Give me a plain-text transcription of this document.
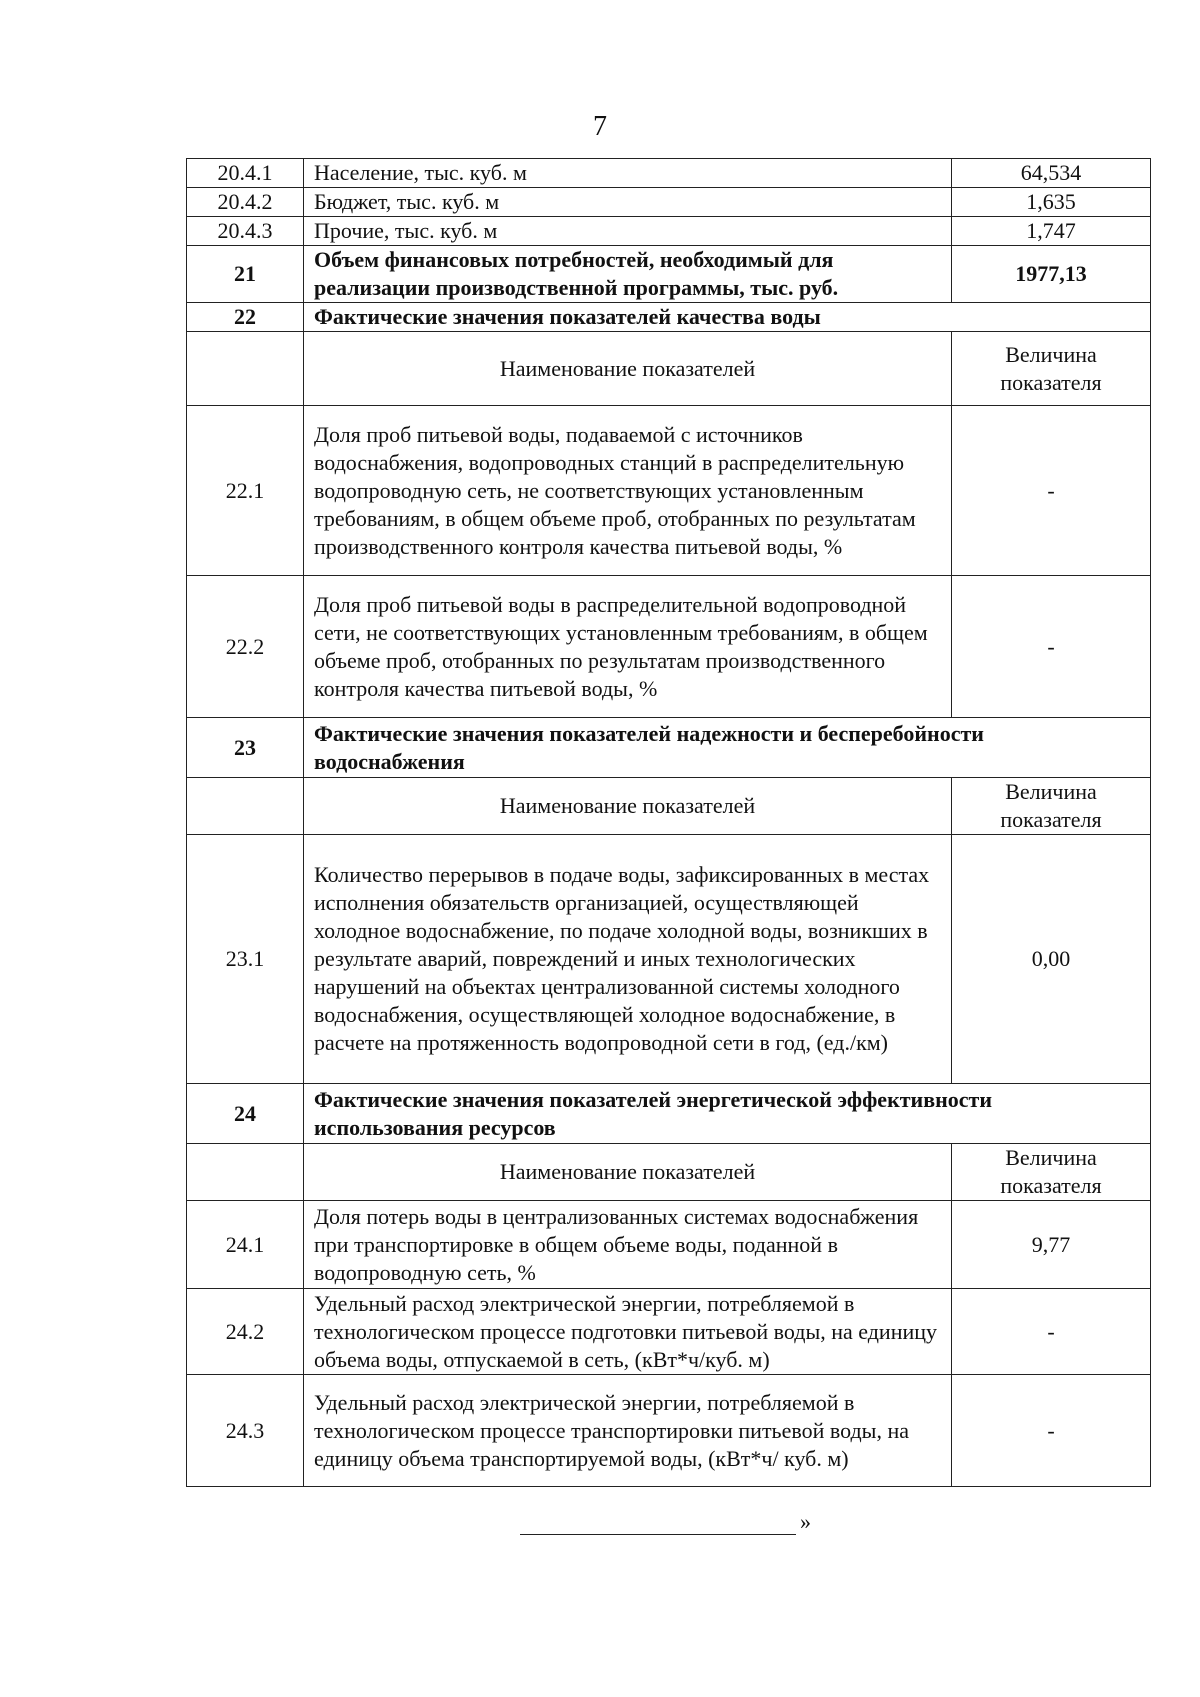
7
20.4.1	Население, тыс. куб. м	64,534
20.4.2	Бюджет, тыс. куб. м	1,635
20.4.3	Прочие, тыс. куб. м	1,747
21	Объем финансовых потребностей, необходимый для реализации производственной программы, тыс. руб.	1977,13
22	Фактические значения показателей качества воды	
	Наименование показателей	Величина показателя
22.1	Доля проб питьевой воды, подаваемой с источников водоснабжения, водопроводных станций в распределительную водопроводную сеть, не соответствующих установленным требованиям, в общем объеме проб, отобранных по результатам производственного контроля качества питьевой воды, %	-
22.2	Доля проб питьевой воды в распределительной водопроводной сети, не соответствующих установленным требованиям, в общем объеме проб, отобранных по результатам производственного контроля качества питьевой воды, %	-
23	Фактические значения показателей надежности и бесперебойности водоснабжения	
	Наименование показателей	Величина показателя
23.1	Количество перерывов в подаче воды, зафиксированных в местах исполнения обязательств организацией, осуществляющей холодное водоснабжение, по подаче холодной воды, возникших в результате аварий, повреждений и иных технологических нарушений на объектах централизованной системы холодного водоснабжения, осуществляющей холодное водоснабжение, в расчете на протяженность водопроводной сети в год, (ед./км)	0,00
24	Фактические значения показателей энергетической эффективности использования ресурсов	
	Наименование показателей	Величина показателя
24.1	Доля потерь воды в централизованных системах водоснабжения при транспортировке в общем объеме воды, поданной в водопроводную сеть, %	9,77
24.2	Удельный расход электрической энергии, потребляемой в технологическом процессе подготовки питьевой воды, на единицу объема воды, отпускаемой в сеть, (кВт*ч/куб. м)	-
24.3	Удельный расход электрической энергии, потребляемой в технологическом процессе транспортировки питьевой воды, на единицу объема транспортируемой воды, (кВт*ч/ куб. м)	-
»
